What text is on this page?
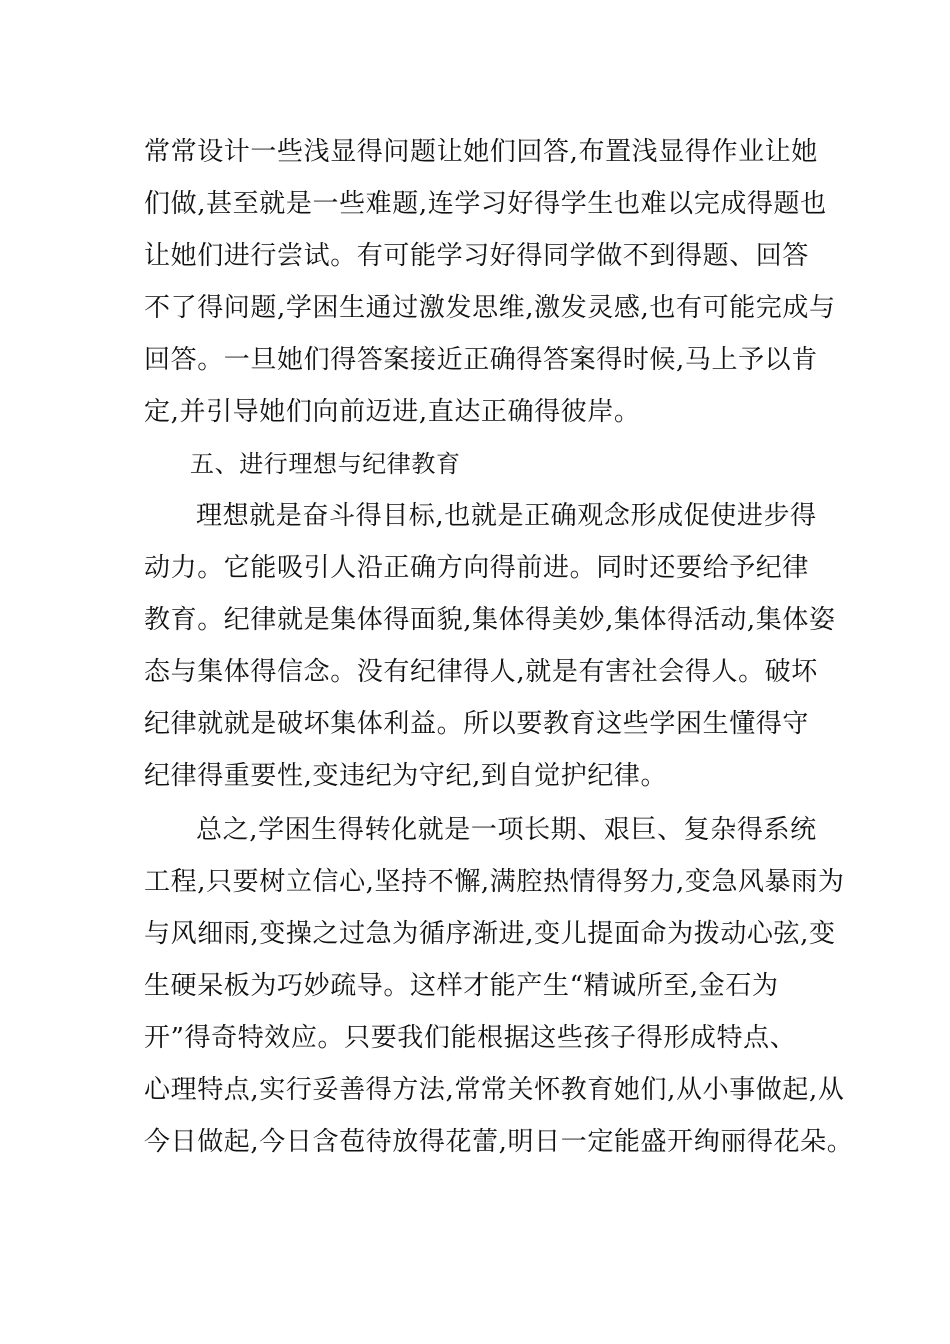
常常设计一些浅显得问题让她们回答,布置浅显得作业让她
们做,甚至就是一些难题,连学习好得学生也难以完成得题也
让她们进行尝试。有可能学习好得同学做不到得题、回答
不了得问题,学困生通过激发思维,激发灵感,也有可能完成与
回答。一旦她们得答案接近正确得答案得时候,马上予以肯
定,并引导她们向前迈进,直达正确得彼岸。
五、进行理想与纪律教育
理想就是奋斗得目标,也就是正确观念形成促使进步得
动力。它能吸引人沿正确方向得前进。同时还要给予纪律
教育。纪律就是集体得面貌,集体得美妙,集体得活动,集体姿
态与集体得信念。没有纪律得人,就是有害社会得人。破坏
纪律就就是破坏集体利益。所以要教育这些学困生懂得守
纪律得重要性,变违纪为守纪,到自觉护纪律。
总之,学困生得转化就是一项长期、艰巨、复杂得系统
工程,只要树立信心,坚持不懈,满腔热情得努力,变急风暴雨为
与风细雨,变操之过急为循序渐进,变儿提面命为拨动心弦,变
生硬呆板为巧妙疏导。这样才能产生“精诚所至,金石为
开”得奇特效应。只要我们能根据这些孩子得形成特点、
心理特点,实行妥善得方法,常常关怀教育她们,从小事做起,从
今日做起,今日含苞待放得花蕾,明日一定能盛开绚丽得花朵。
